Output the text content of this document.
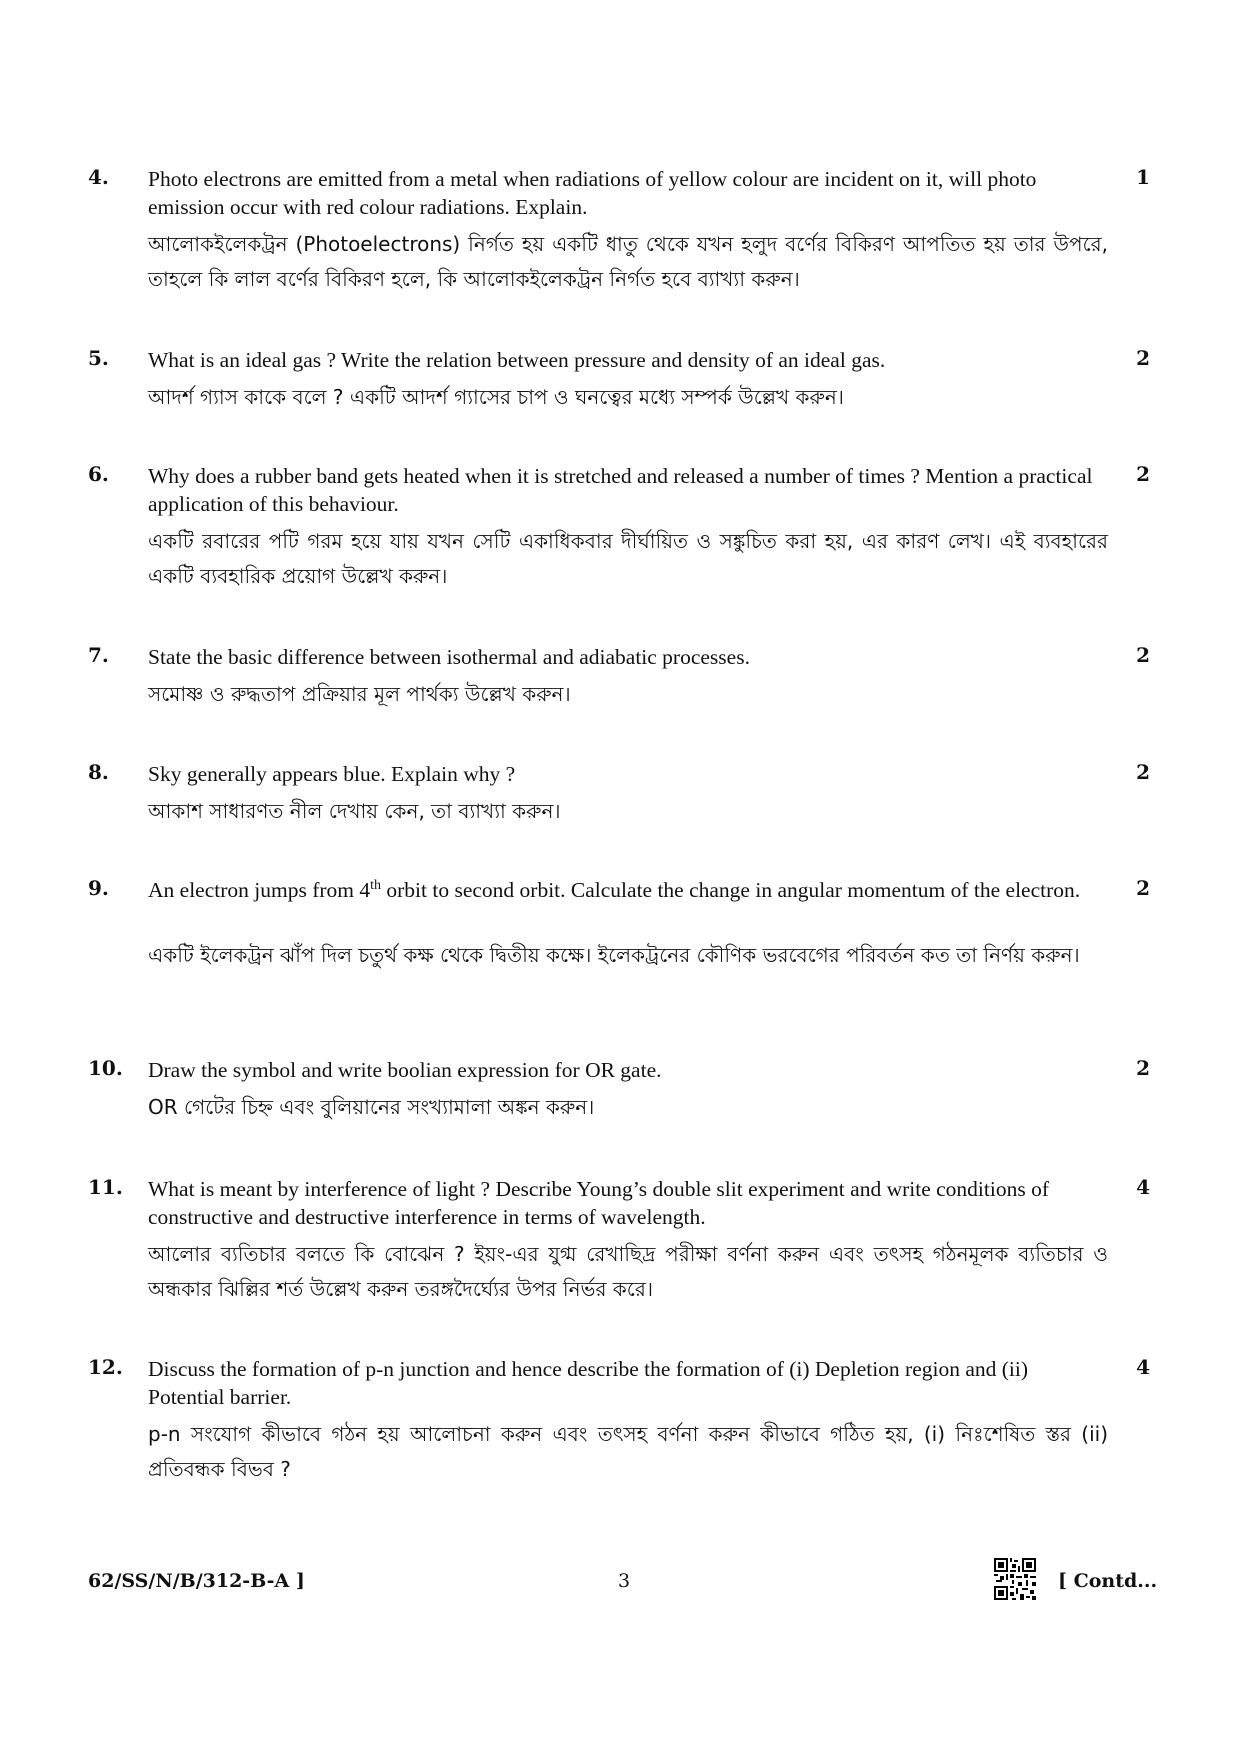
4. Photo electrons are emitted from a metal when radiations of yellow colour are incident on it, will photo emission occur with red colour radiations. Explain.
আলোকইলেকট্রন (Photoelectrons) নির্গত হয় একটি ধাতু থেকে যখন হলুদ বর্ণের বিকিরণ আপতিত হয় তার উপরে, তাহলে কি লাল বর্ণের বিকিরণ হলে, কি আলোকইলেকট্রন নির্গত হবে ব্যাখ্যা করুন।
1
5. What is an ideal gas ? Write the relation between pressure and density of an ideal gas.
আদর্শ গ্যাস কাকে বলে ? একটি আদর্শ গ্যাসের চাপ ও ঘনত্বের মধ্যে সম্পর্ক উল্লেখ করুন।
2
6. Why does a rubber band gets heated when it is stretched and released a number of times ? Mention a practical application of this behaviour.
একটি রবারের পটি গরম হয়ে যায় যখন সেটি একাধিকবার দীর্ঘায়িত ও সঙ্কুচিত করা হয়, এর কারণ লেখ। এই ব্যবহারের একটি ব্যবহারিক প্রয়োগ উল্লেখ করুন।
2
7. State the basic difference between isothermal and adiabatic processes.
সমোষ্ণ ও রুদ্ধতাপ প্রক্রিয়ার মূল পার্থক্য উল্লেখ করুন।
2
8. Sky generally appears blue. Explain why ?
আকাশ সাধারণত নীল দেখায় কেন, তা ব্যাখ্যা করুন।
2
9. An electron jumps from 4th orbit to second orbit. Calculate the change in angular momentum of the electron.
একটি ইলেকট্রন ঝাঁপ দিল চতুর্থ কক্ষ থেকে দ্বিতীয় কক্ষে। ইলেকট্রনের কৌণিক ভরবেগের পরিবর্তন কত তা নির্ণয় করুন।
2
10. Draw the symbol and write boolian expression for OR gate.
OR গেটের চিহ্ন এবং বুলিয়ানের সংখ্যামালা অঙ্কন করুন।
2
11. What is meant by interference of light ? Describe Young’s double slit experiment and write conditions of constructive and destructive interference in terms of wavelength.
আলোর ব্যতিচার বলতে কি বোঝেন ? ইয়ং-এর যুগ্ম রেখাছিদ্র পরীক্ষা বর্ণনা করুন এবং তৎসহ গঠনমূলক ব্যতিচার ও অন্ধকার ঝিল্লির শর্ত উল্লেখ করুন তরঙ্গদৈর্ঘ্যের উপর নির্ভর করে।
4
12. Discuss the formation of p-n junction and hence describe the formation of (i) Depletion region and (ii) Potential barrier.
p-n সংযোগ কীভাবে গঠন হয় আলোচনা করুন এবং তৎসহ বর্ণনা করুন কীভাবে গঠিত হয়, (i) নিঃশেষিত স্তর (ii) প্রতিবন্ধক বিভব ?
4
62/SS/N/B/312-B-A ]	3	[ Contd...
